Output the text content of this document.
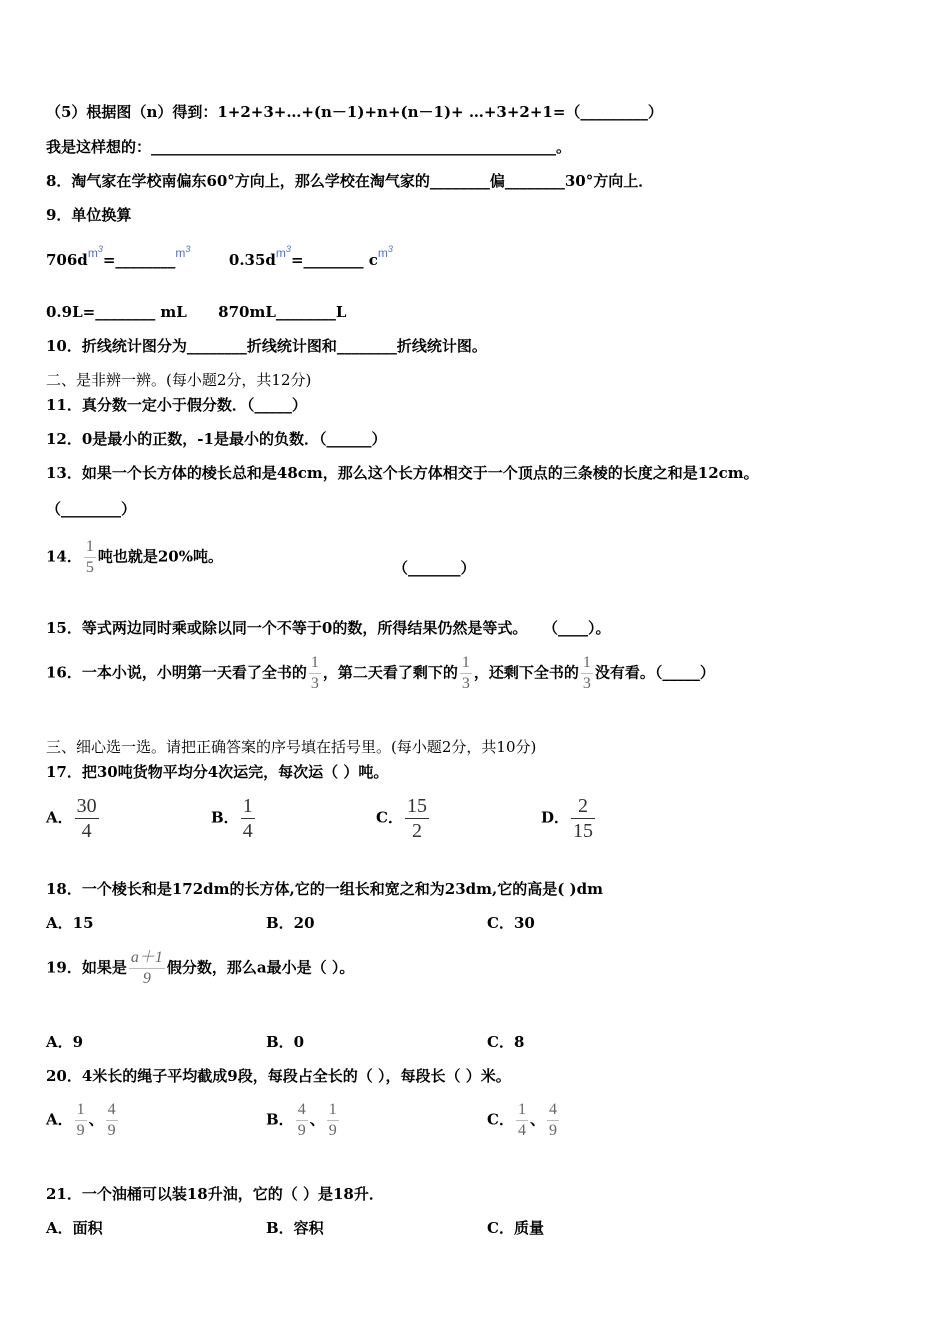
（5）根据图（n）得到：1+2+3+…+(n－1)+n+(n－1)+ …+3+2+1=（_________）
我是这样想的：______________________________________________________。
8．淘气家在学校南偏东60°方向上，那么学校在淘气家的________偏________30°方向上．
9．单位换算
$706d^{m^3}=\_\_\_\_\_\_\_\_^{m^3}$  $0.35d^{m^3}=\_\_\_\_\_\_\_\_$ $c^{m^3}$
0.9L=________ mL      870mL________L
10．折线统计图分为________折线统计图和________折线统计图。
二、是非辨一辨。(每小题2分，共12分)
11．真分数一定小于假分数．（_____）
12．0是最小的正数，-1是最小的负数．（______）
13．如果一个长方体的棱长总和是48cm，那么这个长方体相交于一个顶点的三条棱的长度之和是12cm。
（________）
14． $\frac{1}{5}$ 吨也就是20%吨。
（_______）
15．等式两边同时乘或除以同一个不等于0的数，所得结果仍然是等式。   （____）。
16．一本小说，小明第一天看了全书的 $\frac{1}{3}$ ，第二天看了剩下的 $\frac{1}{3}$ ，还剩下全书的 $\frac{1}{3}$ 没有看。（_____）
三、细心选一选。请把正确答案的序号填在括号里。(每小题2分，共10分)
17．把30吨货物平均分4次运完，每次运（ ）吨。
A． $\frac{30}{4}$	B． $\frac{1}{4}$	C． $\frac{15}{2}$	D． $\frac{2}{15}$
18．一个棱长和是172dm的长方体,它的一组长和宽之和为23dm,它的高是( )dm
A．15	B．20	C．30
19．如果是 $\frac{a+1}{9}$ 假分数，那么a最小是（ ）。
A．9	B．0	C．8
20．4米长的绳子平均截成9段，每段占全长的（ ），每段长（ ）米。
A． $\frac{1}{9}$ 、 $\frac{4}{9}$	B． $\frac{4}{9}$ 、 $\frac{1}{9}$	C． $\frac{1}{4}$ 、 $\frac{4}{9}$
21．一个油桶可以装18升油，它的（ ）是18升．
A．面积	B．容积	C．质量
